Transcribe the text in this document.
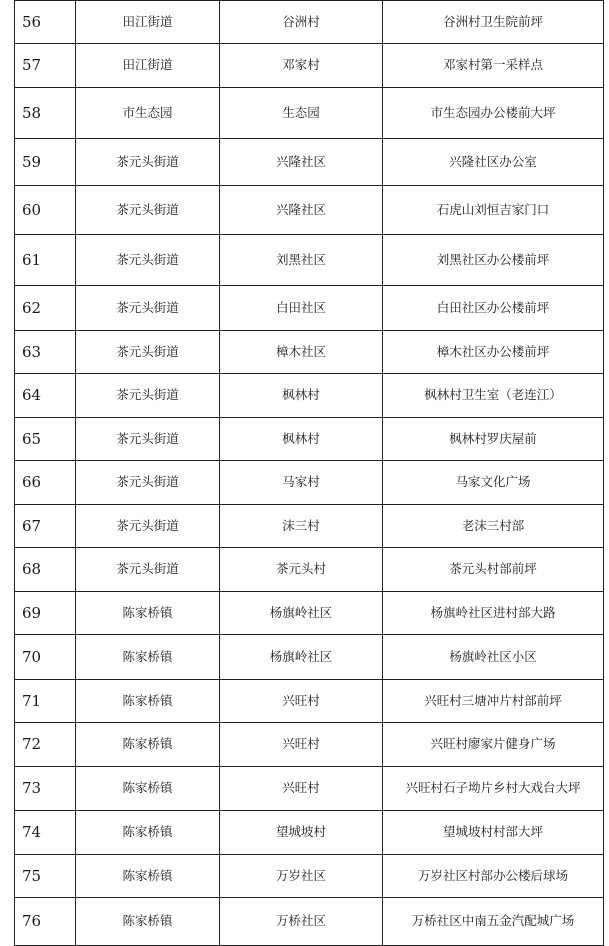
56	田江街道	谷洲村	谷洲村卫生院前坪
57	田江街道	邓家村	邓家村第一采样点
58	市生态园	生态园	市生态园办公楼前大坪
59	茶元头街道	兴隆社区	兴隆社区办公室
60	茶元头街道	兴隆社区	石虎山刘恒吉家门口
61	茶元头街道	刘黑社区	刘黑社区办公楼前坪
62	茶元头街道	白田社区	白田社区办公楼前坪
63	茶元头街道	樟木社区	樟木社区办公楼前坪
64	茶元头街道	枫林村	枫林村卫生室（老连江）
65	茶元头街道	枫林村	枫林村罗庆屋前
66	茶元头街道	马家村	马家文化广场
67	茶元头街道	沫三村	老沫三村部
68	茶元头街道	茶元头村	茶元头村部前坪
69	陈家桥镇	杨旗岭社区	杨旗岭社区进村部大路
70	陈家桥镇	杨旗岭社区	杨旗岭社区小区
71	陈家桥镇	兴旺村	兴旺村三塘冲片村部前坪
72	陈家桥镇	兴旺村	兴旺村廖家片健身广场
73	陈家桥镇	兴旺村	兴旺村石子坳片乡村大戏台大坪
74	陈家桥镇	望城坡村	望城坡村村部大坪
75	陈家桥镇	万岁社区	万岁社区村部办公楼后球场
76	陈家桥镇	万桥社区	万桥社区中南五金汽配城广场
